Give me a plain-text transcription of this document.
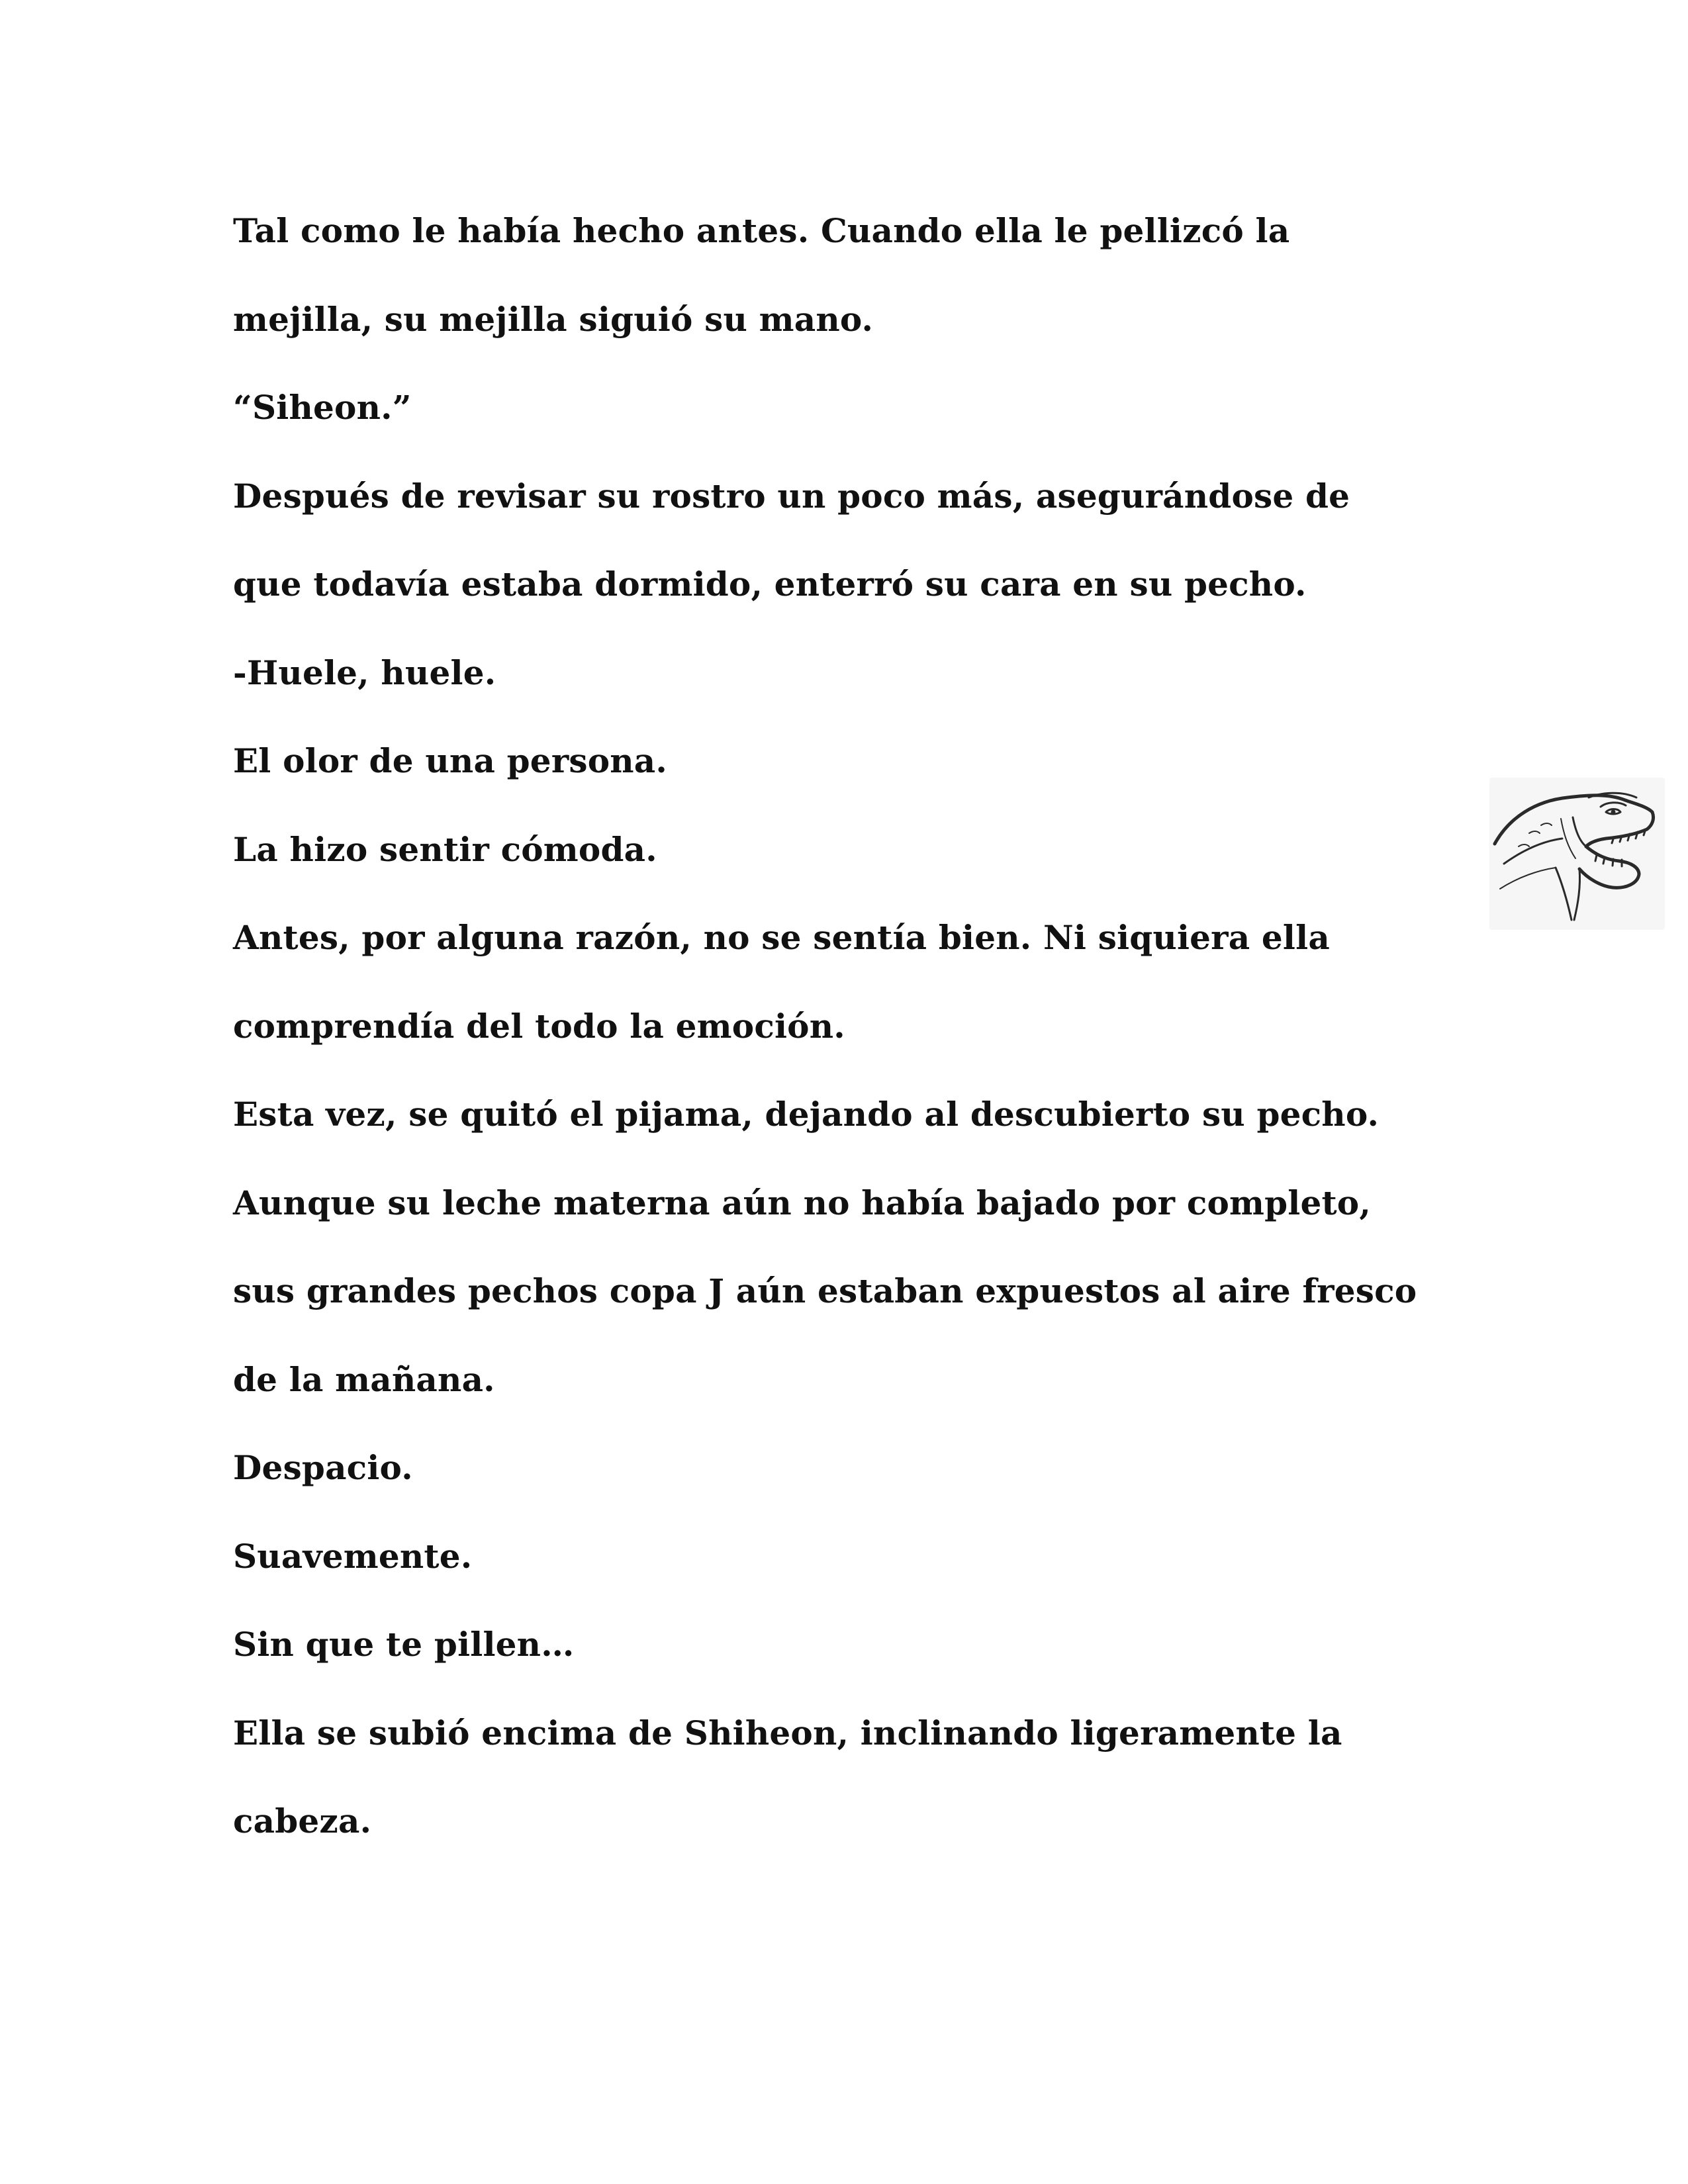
Tal como le había hecho antes. Cuando ella le pellizcó la

mejilla, su mejilla siguió su mano.

“Siheon.”

Después de revisar su rostro un poco más, asegurándose de

que todavía estaba dormido, enterró su cara en su pecho.

-Huele, huele.

El olor de una persona.

La hizo sentir cómoda.

Antes, por alguna razón, no se sentía bien. Ni siquiera ella

comprendía del todo la emoción.

Esta vez, se quitó el pijama, dejando al descubierto su pecho.

Aunque su leche materna aún no había bajado por completo,

sus grandes pechos copa J aún estaban expuestos al aire fresco

de la mañana.

Despacio.

Suavemente.

Sin que te pillen…

Ella se subió encima de Shiheon, inclinando ligeramente la

cabeza.
